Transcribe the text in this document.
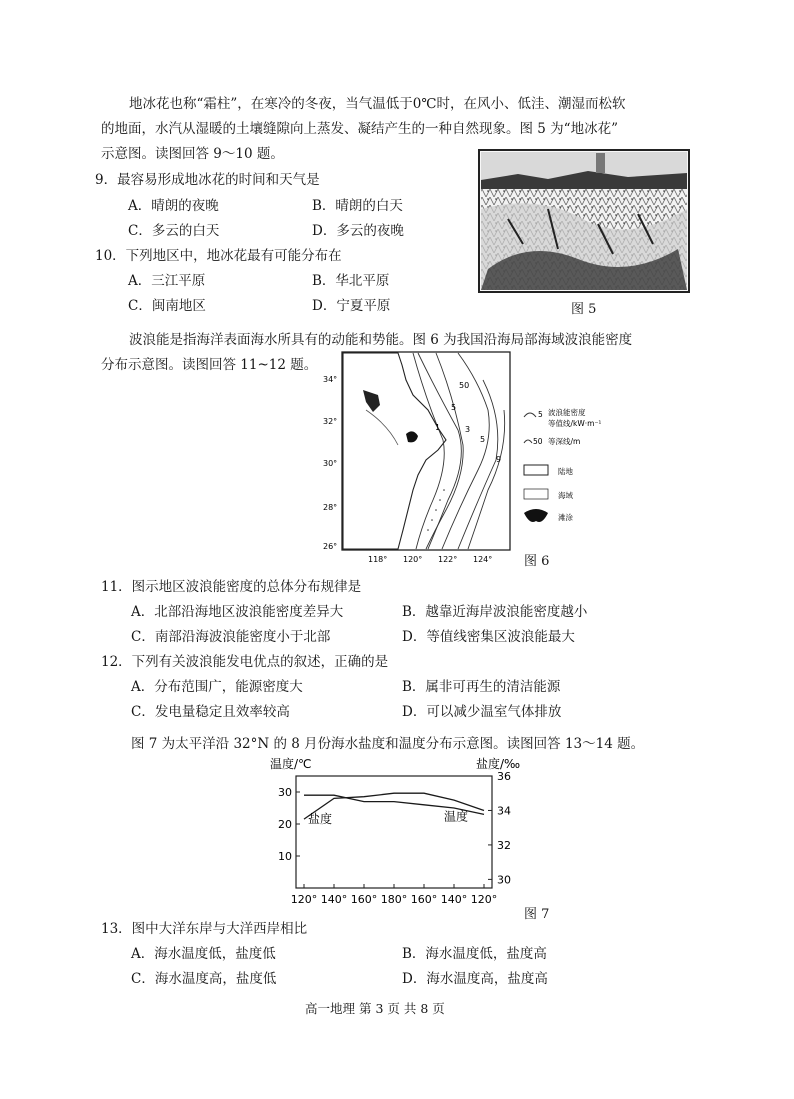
地冰花也称“霜柱”，在寒冷的冬夜，当气温低于0℃时，在风小、低洼、潮湿而松软
的地面，水汽从湿暖的土壤缝隙向上蒸发、凝结产生的一种自然现象。图 5 为“地冰花”
示意图。读图回答 9～10 题。
图 5
9．最容易形成地冰花的时间和天气是
A．晴朗的夜晚	B．晴朗的白天
C．多云的白天	D．多云的夜晚
10．下列地区中，地冰花最有可能分布在
A．三江平原	B．华北平原
C．闽南地区	D．宁夏平原
波浪能是指海洋表面海水所具有的动能和势能。图 6 为我国沿海局部海域波浪能密度
分布示意图。读图回答 11~12 题。
50
5
1	3
5
9
34°
32°
30°
28°
26°
118° 120° 122° 124°
5 波浪能密度
等值线/kW·m⁻¹
50 等深线/m
陆地
海域
滩涂
图 6
11．图示地区波浪能密度的总体分布规律是
A．北部沿海地区波浪能密度差异大	B．越靠近海岸波浪能密度越小
C．南部沿海波浪能密度小于北部	D．等值线密集区波浪能最大
12．下列有关波浪能发电优点的叙述，正确的是
A．分布范围广，能源密度大	B．属非可再生的清洁能源
C．发电量稳定且效率较高	D．可以减少温室气体排放
图 7 为太平洋沿 32°N 的 8 月份海水盐度和温度分布示意图。读图回答 13～14 题。
温度/℃	盐度/‰
120° 140° 160° 180° 160° 140° 120°
30
20
10
36
34
32
30
盐度	温度
图 7
13．图中大洋东岸与大洋西岸相比
A．海水温度低，盐度低	B．海水温度低，盐度高
C．海水温度高，盐度低	D．海水温度高，盐度高
高一地理 第 3 页 共 8 页
